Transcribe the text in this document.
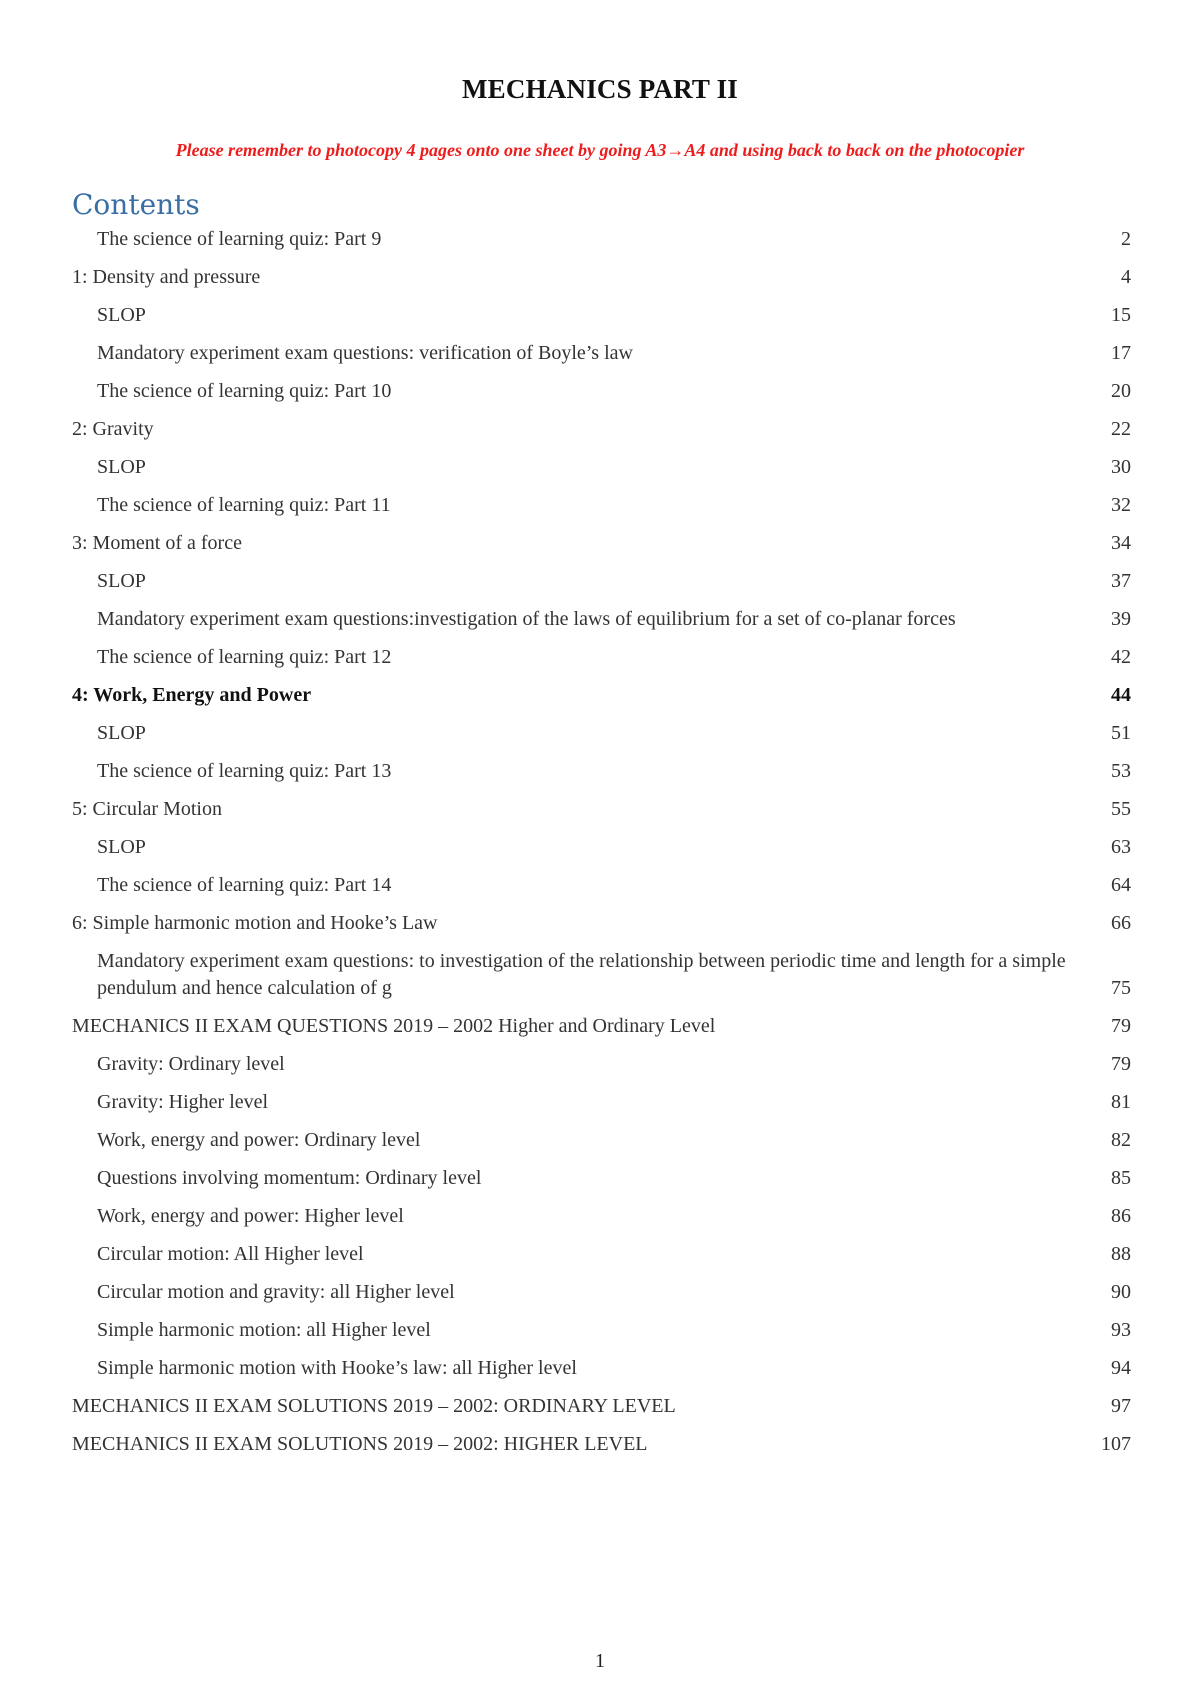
MECHANICS PART II
Please remember to photocopy 4 pages onto one sheet by going A3→A4 and using back to back on the photocopier
Contents
The science of learning quiz: Part 9	2
1: Density and pressure	4
SLOP	15
Mandatory experiment exam questions: verification of Boyle’s law	17
The science of learning quiz: Part 10	20
2: Gravity	22
SLOP	30
The science of learning quiz: Part 11	32
3: Moment of a force	34
SLOP	37
Mandatory experiment exam questions:investigation of the laws of equilibrium for a set of co-planar forces	39
The science of learning quiz: Part 12	42
4: Work, Energy and Power	44
SLOP	51
The science of learning quiz: Part 13	53
5: Circular Motion	55
SLOP	63
The science of learning quiz: Part 14	64
6: Simple harmonic motion and Hooke’s Law	66
Mandatory experiment exam questions: to investigation of the relationship between periodic time and length for a simple pendulum and hence calculation of g	75
MECHANICS II EXAM QUESTIONS 2019 – 2002 Higher and Ordinary Level	79
Gravity: Ordinary level	79
Gravity: Higher level	81
Work, energy and power: Ordinary level	82
Questions involving momentum: Ordinary level	85
Work, energy and power: Higher level	86
Circular motion: All Higher level	88
Circular motion and gravity: all Higher level	90
Simple harmonic motion: all Higher level	93
Simple harmonic motion with Hooke’s law: all Higher level	94
MECHANICS II EXAM SOLUTIONS 2019 – 2002: ORDINARY LEVEL	97
MECHANICS II EXAM SOLUTIONS 2019 – 2002: HIGHER LEVEL	107
1
